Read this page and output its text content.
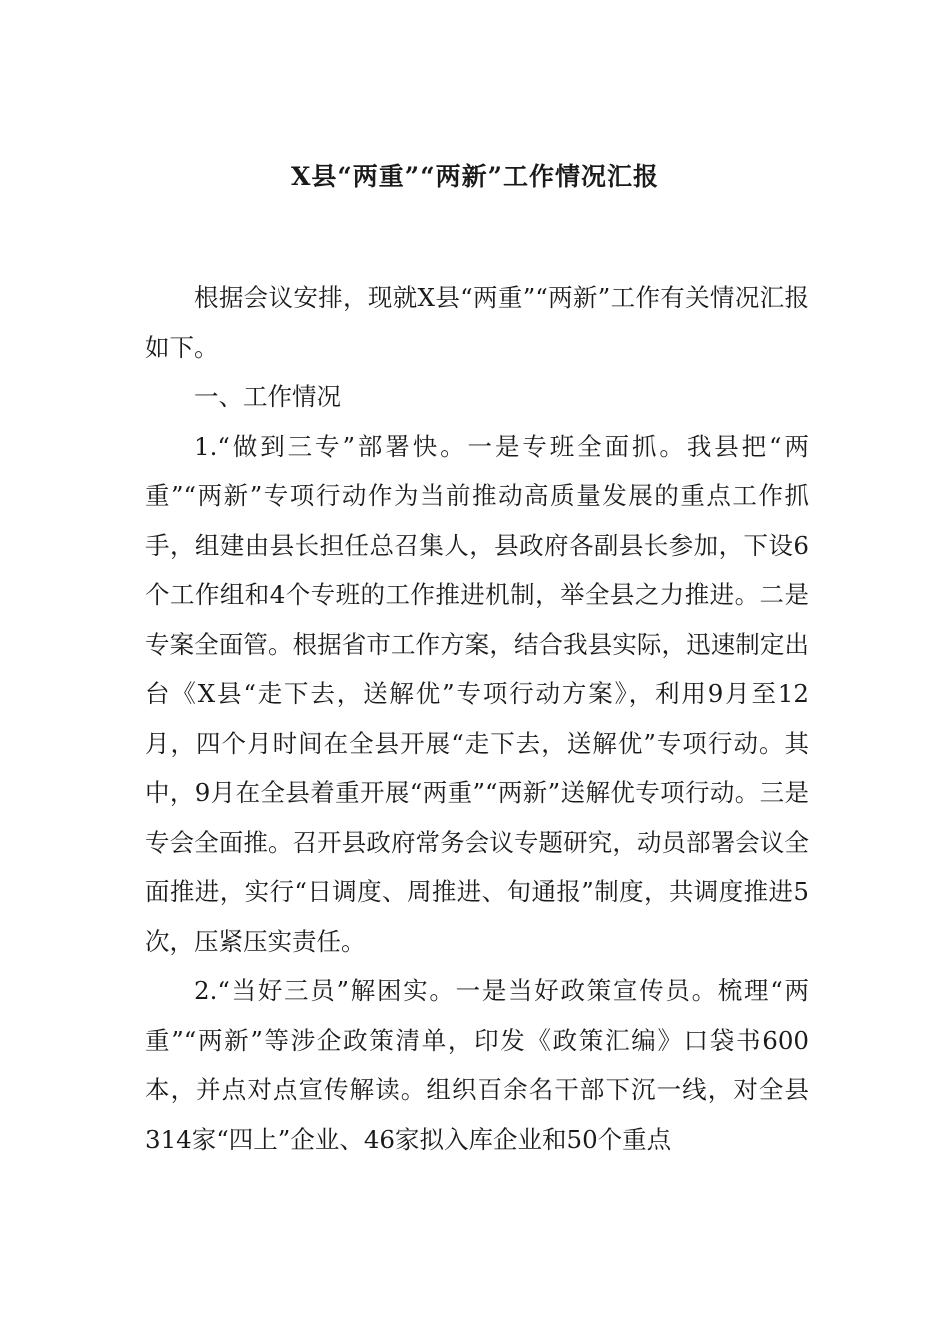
X县“两重”“两新”工作情况汇报

根据会议安排，现就X县“两重”“两新”工作有关情况汇报如下。

一、工作情况

1.“做到三专”部署快。一是专班全面抓。我县把“两重”“两新”专项行动作为当前推动高质量发展的重点工作抓手，组建由县长担任总召集人，县政府各副县长参加，下设6个工作组和4个专班的工作推进机制，举全县之力推进。二是专案全面管。根据省市工作方案，结合我县实际，迅速制定出台《X县“走下去，送解优”专项行动方案》，利用9月至12月，四个月时间在全县开展“走下去，送解优”专项行动。其中，9月在全县着重开展“两重”“两新”送解优专项行动。三是专会全面推。召开县政府常务会议专题研究，动员部署会议全面推进，实行“日调度、周推进、旬通报”制度，共调度推进5次，压紧压实责任。

2.“当好三员”解困实。一是当好政策宣传员。梳理“两重”“两新”等涉企政策清单，印发《政策汇编》口袋书600本，并点对点宣传解读。组织百余名干部下沉一线，对全县314家“四上”企业、46家拟入库企业和50个重点
